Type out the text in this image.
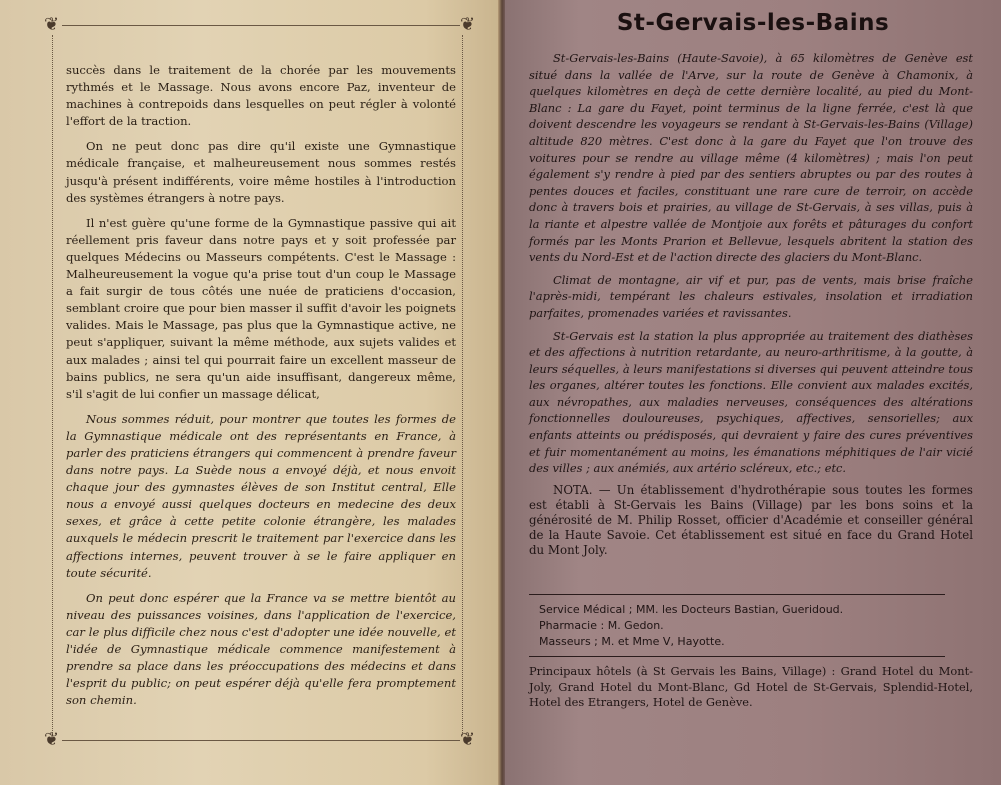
❦	❦
❦	❦

succès dans le traitement de la chorée par les mouvements rythmés et le Massage. Nous avons encore Paz, inventeur de machines à contrepoids dans lesquelles on peut régler à volonté l'effort de la traction.

On ne peut donc pas dire qu'il existe une Gymnastique médicale française, et malheureusement nous sommes restés jusqu'à présent indifférents, voire même hostiles à l'introduction des systèmes étrangers à notre pays.

Il n'est guère qu'une forme de la Gymnastique passive qui ait réellement pris faveur dans notre pays et y soit professée par quelques Médecins ou Masseurs compétents. C'est le Massage : Malheureusement la vogue qu'a prise tout d'un coup le Massage a fait surgir de tous côtés une nuée de praticiens d'occasion, semblant croire que pour bien masser il suffit d'avoir les poignets valides. Mais le Massage, pas plus que la Gymnastique active, ne peut s'appliquer, suivant la même méthode, aux sujets valides et aux malades ; ainsi tel qui pourrait faire un excellent masseur de bains publics, ne sera qu'un aide insuffisant, dangereux même, s'il s'agit de lui confier un massage délicat,

Nous sommes réduit, pour montrer que toutes les formes de la Gymnastique médicale ont des représentants en France, à parler des praticiens étrangers qui commencent à prendre faveur dans notre pays. La Suède nous a envoyé déjà, et nous envoit chaque jour des gymnastes élèves de son Institut central, Elle nous a envoyé aussi quelques docteurs en medecine des deux sexes, et grâce à cette petite colonie étrangère, les malades auxquels le médecin prescrit le traitement par l'exercice dans les affections internes, peuvent trouver à se le faire appliquer en toute sécurité.

On peut donc espérer que la France va se mettre bientôt au niveau des puissances voisines, dans l'application de l'exercice, car le plus difficile chez nous c'est d'adopter une idée nouvelle, et l'idée de Gymnastique médicale commence manifestement à prendre sa place dans les préoccupations des médecins et dans l'esprit du public; on peut espérer déjà qu'elle fera promptement son chemin.

St-Gervais-les-Bains

St-Gervais-les-Bains (Haute-Savoie), à 65 kilomètres de Genève est situé dans la vallée de l'Arve, sur la route de Genève à Chamonix, à quelques kilomètres en deçà de cette dernière localité, au pied du Mont-Blanc : La gare du Fayet, point terminus de la ligne ferrée, c'est là que doivent descendre les voyageurs se rendant à St-Gervais-les-Bains (Village) altitude 820 mètres. C'est donc à la gare du Fayet que l'on trouve des voitures pour se rendre au village même (4 kilomètres) ; mais l'on peut également s'y rendre à pied par des sentiers abruptes ou par des routes à pentes douces et faciles, constituant une rare cure de terroir, on accède donc à travers bois et prairies, au village de St-Gervais, à ses villas, puis à la riante et alpestre vallée de Montjoie aux forêts et pâturages du confort formés par les Monts Prarion et Bellevue, lesquels abritent la station des vents du Nord-Est et de l'action directe des glaciers du Mont-Blanc.

Climat de montagne, air vif et pur, pas de vents, mais brise fraîche l'après-midi, tempérant les chaleurs estivales, insolation et irradiation parfaites, promenades variées et ravissantes.

St-Gervais est la station la plus appropriée au traitement des diathèses et des affections à nutrition retardante, au neuro-arthritisme, à la goutte, à leurs séquelles, à leurs manifestations si diverses qui peuvent atteindre tous les organes, altérer toutes les fonctions. Elle convient aux malades excités, aux névropathes, aux maladies nerveuses, conséquences des altérations fonctionnelles douloureuses, psychiques, affectives, sensorielles; aux enfants atteints ou prédisposés, qui devraient y faire des cures préventives et fuir momentanément au moins, les émanations méphitiques de l'air vicié des villes ; aux anémiés, aux artério scléreux, etc.; etc.

NOTA. — Un établissement d'hydrothérapie sous toutes les formes est établi à St-Gervais les Bains (Village) par les bons soins et la générosité de M. Philip Rosset, officier d'Académie et conseiller général de la Haute Savoie. Cet établissement est situé en face du Grand Hotel du Mont Joly.

Service Médical ; MM. les Docteurs Bastian, Gueridoud.
Pharmacie : M. Gedon.
Masseurs ; M. et Mme V, Hayotte.
Principaux hôtels (à St Gervais les Bains, Village) : Grand Hotel du Mont-Joly, Grand Hotel du Mont-Blanc, Gd Hotel de St-Gervais, Splendid-Hotel, Hotel des Etrangers, Hotel de Genève.
